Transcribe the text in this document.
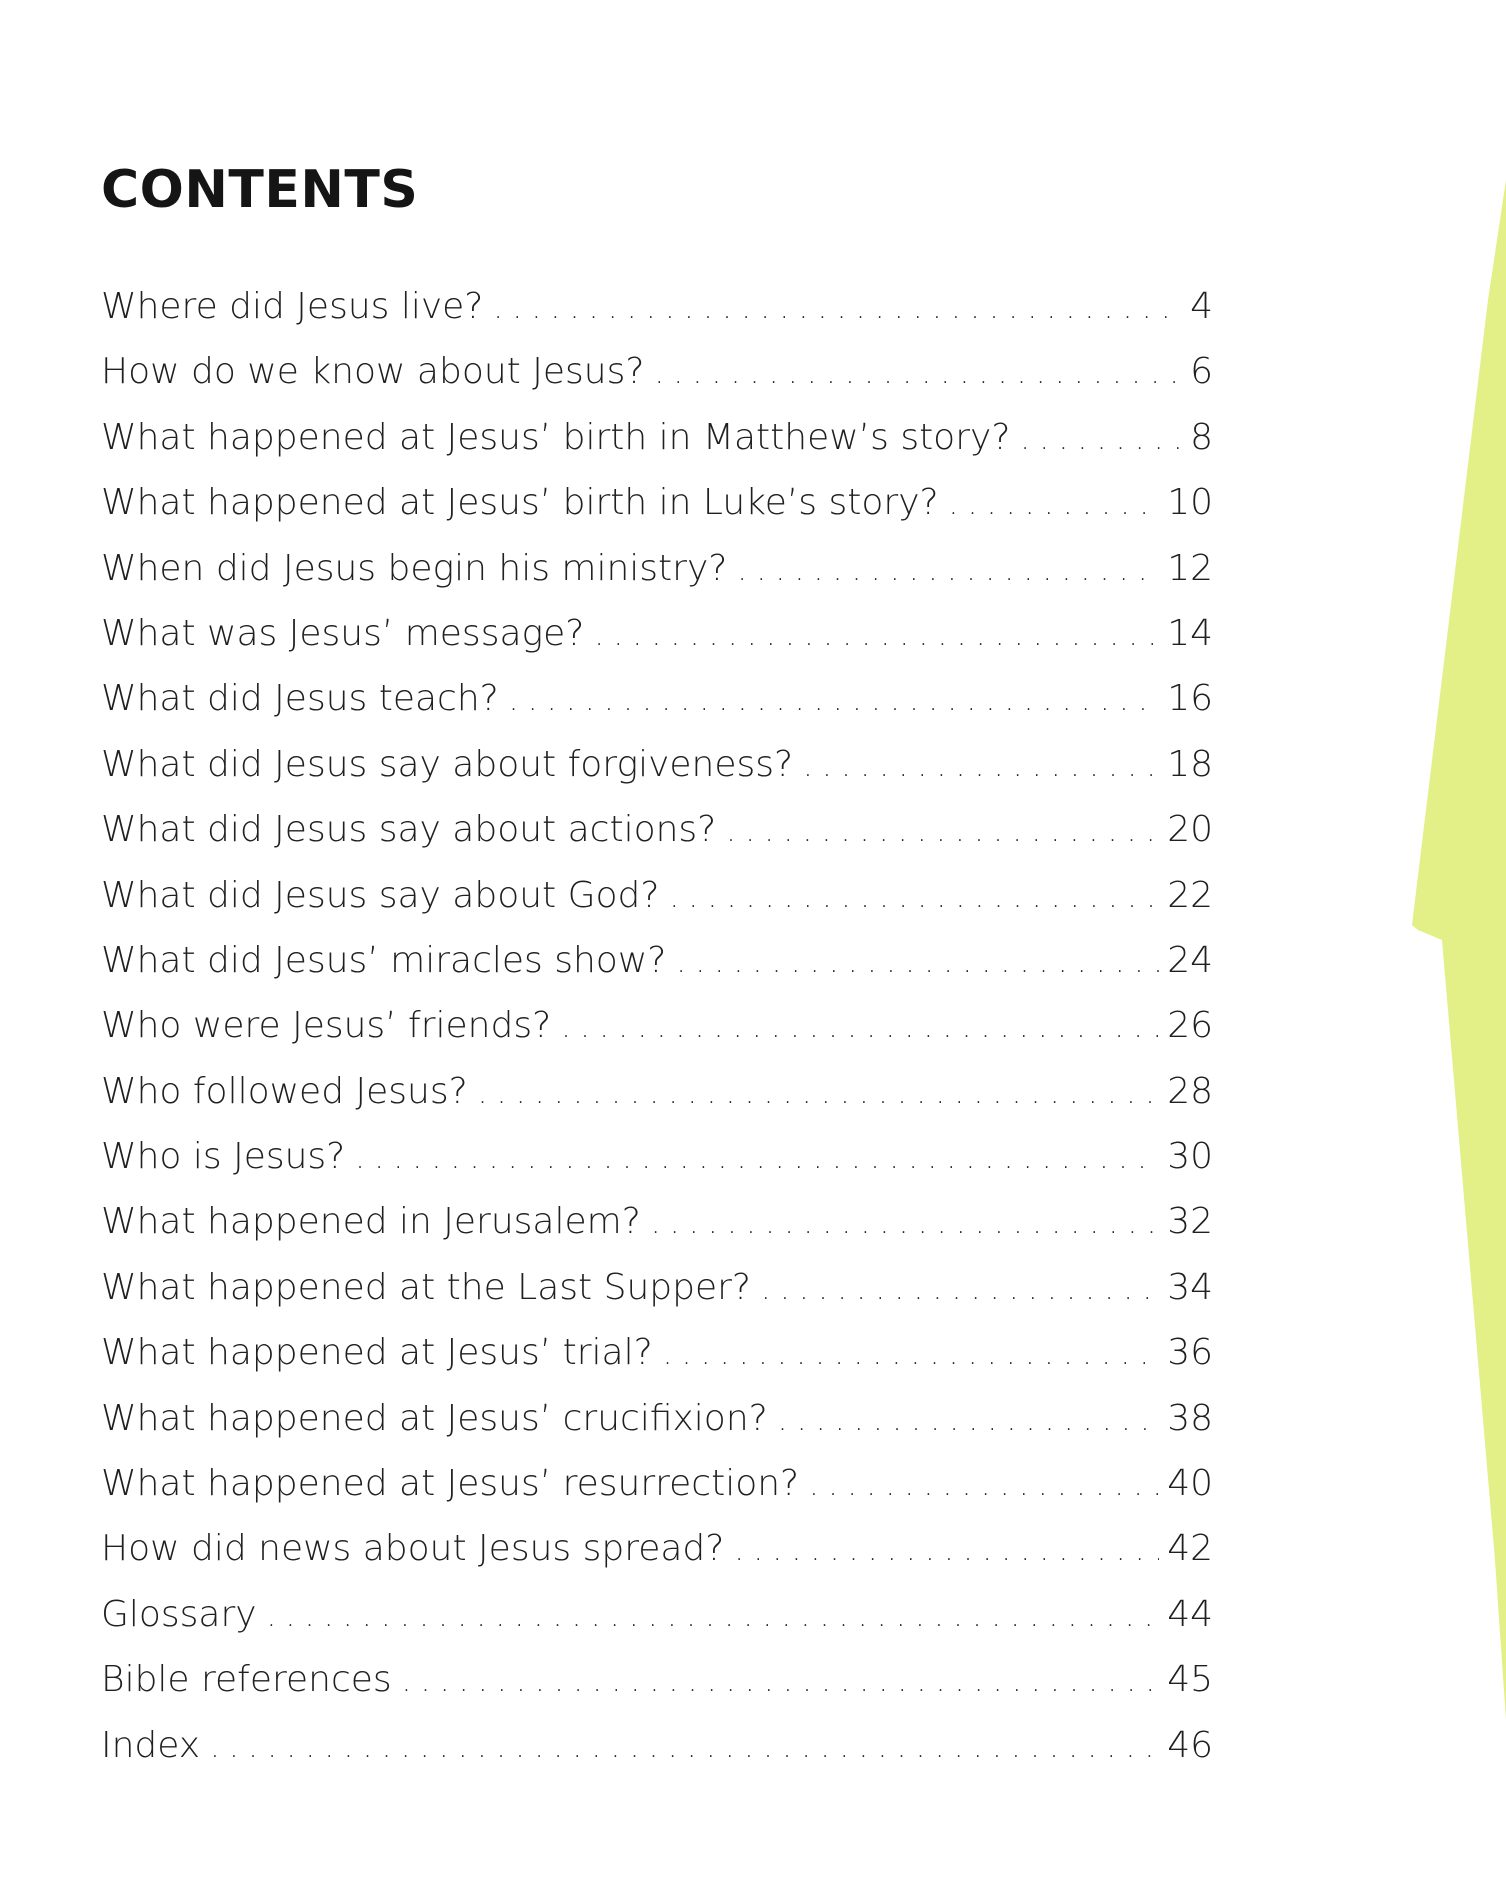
CONTENTS
Where did Jesus live? . . .	4
How do we know about Jesus? . . .	6
What happened at Jesus’ birth in Matthew’s story? . . .	8
What happened at Jesus’ birth in Luke’s story? . . .	10
When did Jesus begin his ministry? . . .	12
What was Jesus’ message? . . .	14
What did Jesus teach? . . .	16
What did Jesus say about forgiveness? . . .	18
What did Jesus say about actions? . . .	20
What did Jesus say about God? . . .	22
What did Jesus’ miracles show? . . .	24
Who were Jesus’ friends? . . .	26
Who followed Jesus? . . .	28
Who is Jesus? . . .	30
What happened in Jerusalem? . . .	32
What happened at the Last Supper? . . .	34
What happened at Jesus’ trial? . . .	36
What happened at Jesus’ crucifixion? . . .	38
What happened at Jesus’ resurrection? . . .	40
How did news about Jesus spread? . . .	42
Glossary . . .	44
Bible references . . .	45
Index . . .	46
